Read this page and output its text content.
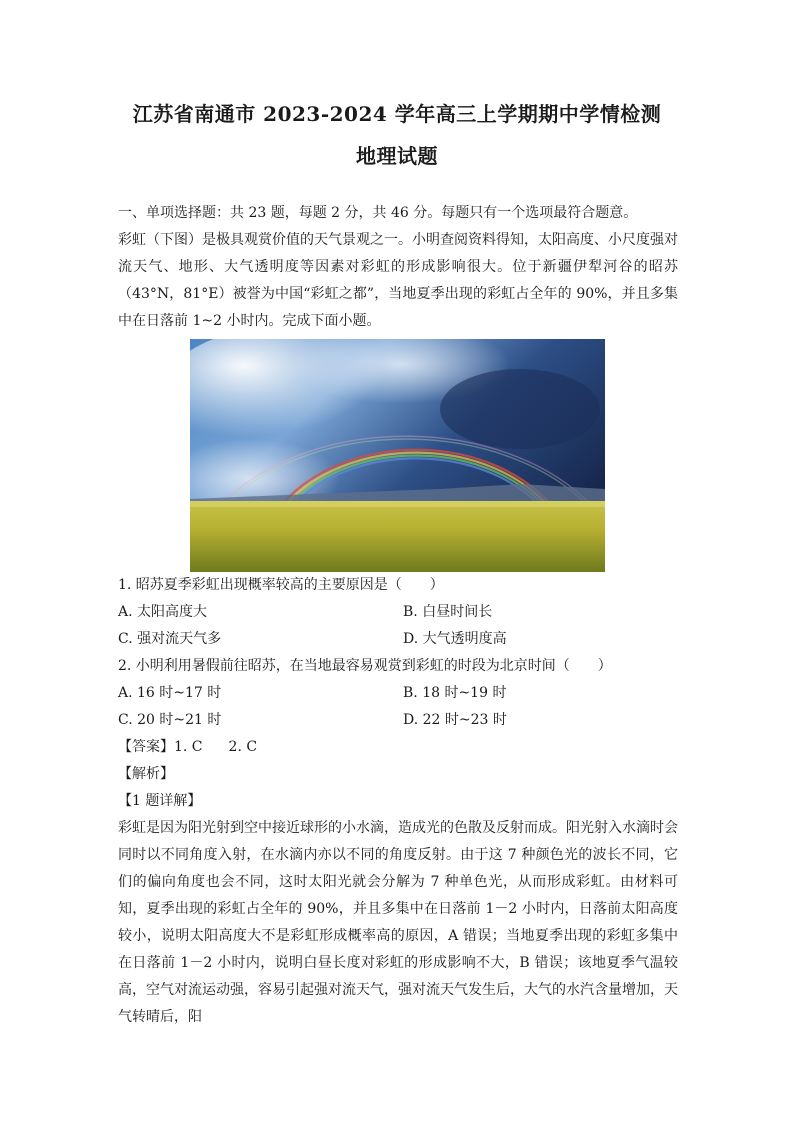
江苏省南通市 2023-2024 学年高三上学期期中学情检测
地理试题

一、单项选择题：共 23 题，每题 2 分，共 46 分。每题只有一个选项最符合题意。

彩虹（下图）是极具观赏价值的天气景观之一。小明查阅资料得知，太阳高度、小尺度强对流天气、地形、大气透明度等因素对彩虹的形成影响很大。位于新疆伊犁河谷的昭苏（43°N，81°E）被誉为中国“彩虹之都”，当地夏季出现的彩虹占全年的 90%，并且多集中在日落前 1~2 小时内。完成下面小题。

1. 昭苏夏季彩虹出现概率较高的主要原因是（　　）

A. 太阳高度大	B. 白昼时间长
C. 强对流天气多	D. 大气透明度高

2. 小明利用暑假前往昭苏，在当地最容易观赏到彩虹的时段为北京时间（　　）

A. 16 时~17 时	B. 18 时~19 时
C. 20 时~21 时	D. 22 时~23 时

【答案】1. C 2. C

【解析】

【1 题详解】

彩虹是因为阳光射到空中接近球形的小水滴，造成光的色散及反射而成。阳光射入水滴时会同时以不同角度入射，在水滴内亦以不同的角度反射。由于这 7 种颜色光的波长不同，它们的偏向角度也会不同，这时太阳光就会分解为 7 种单色光，从而形成彩虹。由材料可知，夏季出现的彩虹占全年的 90%，并且多集中在日落前 1－2 小时内，日落前太阳高度较小，说明太阳高度大不是彩虹形成概率高的原因，A 错误；当地夏季出现的彩虹多集中在日落前 1－2 小时内，说明白昼长度对彩虹的形成影响不大，B 错误；该地夏季气温较高，空气对流运动强，容易引起强对流天气，强对流天气发生后，大气的水汽含量增加，天气转晴后，阳
